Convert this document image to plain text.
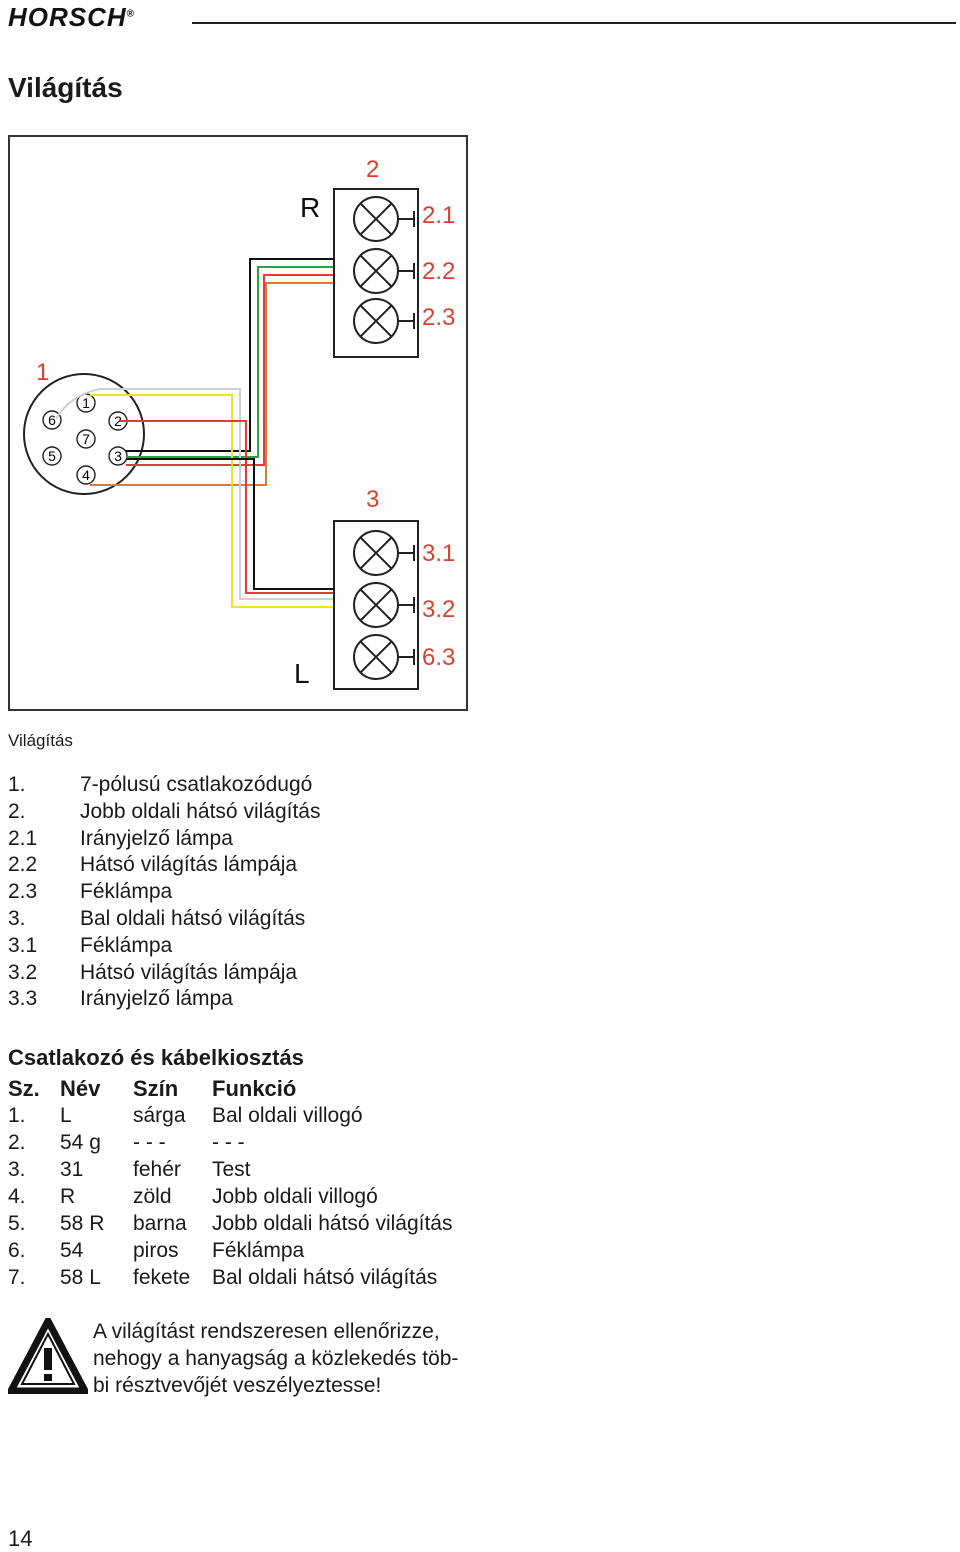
HORSCH®
Világítás
1
2
3
4
5
6
7
1
2
3
R
L
2.1
2.2
2.3
3.1
3.2
6.3
Világítás
1.	7-pólusú csatlakozódugó
2.	Jobb oldali hátsó világítás
2.1	Irányjelző lámpa
2.2	Hátsó világítás lámpája
2.3	Féklámpa
3.	Bal oldali hátsó világítás
3.1	Féklámpa
3.2	Hátsó világítás lámpája
3.3	Irányjelző lámpa
Csatlakozó és kábelkiosztás
Sz. Név	Szín	Funkció
1.	L	sárga	Bal oldali villogó
2.	54 g	- - -	- - -
3.	31	fehér	Test
4.	R	zöld	Jobb oldali villogó
5.	58 R	barna	Jobb oldali hátsó világítás
6.	54	piros	Féklámpa
7.	58 L	fekete	Bal oldali hátsó világítás
A világítást rendszeresen ellenőrizze,
nehogy a hanyagság a közlekedés töb-
bi résztvevőjét veszélyeztesse!
14
